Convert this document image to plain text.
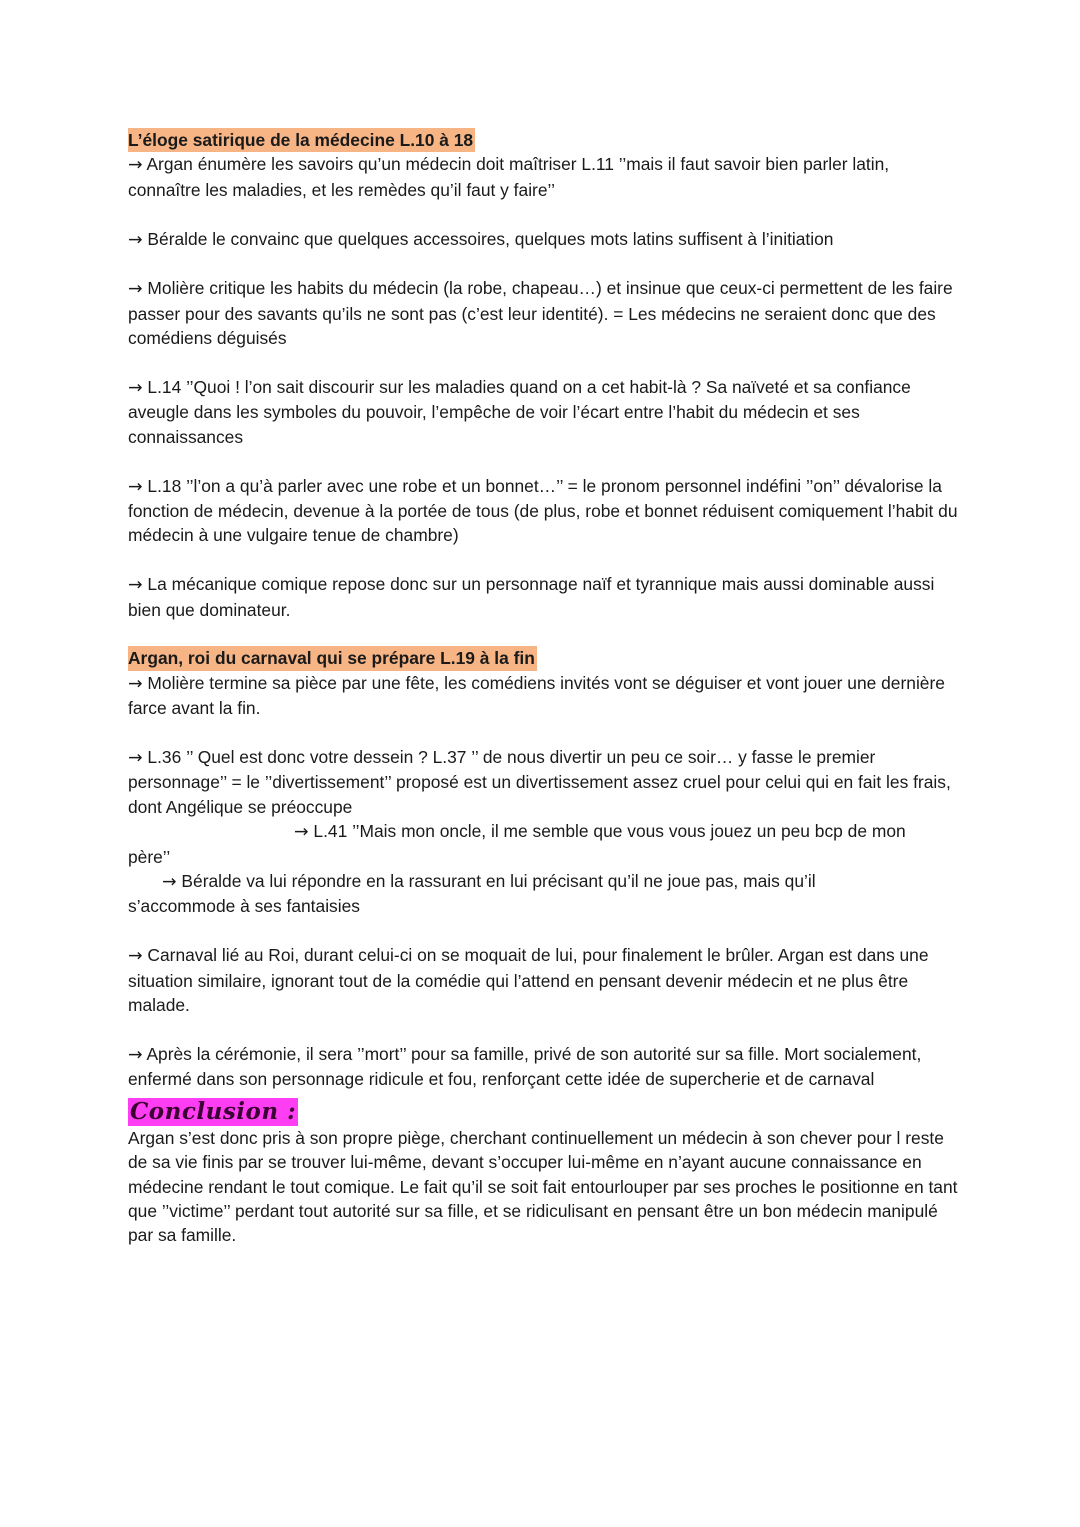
L’éloge satirique de la médecine L.10 à 18

→ Argan énumère les savoirs qu’un médecin doit maîtriser L.11 ’’mais il faut savoir bien parler latin, connaître les maladies, et les remèdes qu’il faut y faire’’

→ Béralde le convainc que quelques accessoires, quelques mots latins suffisent à l’initiation

→ Molière critique les habits du médecin (la robe, chapeau…) et insinue que ceux-ci permettent de les faire passer pour des savants qu’ils ne sont pas (c’est leur identité). = Les médecins ne seraient donc que des comédiens déguisés

→ L.14 ’’Quoi ! l’on sait discourir sur les maladies quand on a cet habit-là ? Sa naïveté et sa confiance aveugle dans les symboles du pouvoir, l’empêche de voir l’écart entre l’habit du médecin et ses connaissances

→ L.18 ’’l’on a qu’à parler avec une robe et un bonnet…’’ = le pronom personnel indéfini ’’on’’ dévalorise la fonction de médecin, devenue à la portée de tous (de plus, robe et bonnet réduisent comiquement l’habit du médecin à une vulgaire tenue de chambre)

→ La mécanique comique repose donc sur un personnage naïf et tyrannique mais aussi dominable aussi bien que dominateur.

Argan, roi du carnaval qui se prépare L.19 à la fin

→ Molière termine sa pièce par une fête, les comédiens invités vont se déguiser et vont jouer une dernière farce avant la fin.

→ L.36 ’’ Quel est donc votre dessein ? L.37 ’’ de nous divertir un peu ce soir… y fasse le premier personnage’’ = le ’’divertissement’’ proposé est un divertissement assez cruel pour celui qui en fait les frais, dont Angélique se préoccupe

→ L.41 ’’Mais mon oncle, il me semble que vous vous jouez un peu bcp de mon

père’’

→ Béralde va lui répondre en la rassurant en lui précisant qu’il ne joue pas, mais qu’il

s’accommode à ses fantaisies

→ Carnaval lié au Roi, durant celui-ci on se moquait de lui, pour finalement le brûler. Argan est dans une situation similaire, ignorant tout de la comédie qui l’attend en pensant devenir médecin et ne plus être malade.

→ Après la cérémonie, il sera ’’mort’’ pour sa famille, privé de son autorité sur sa fille. Mort socialement, enfermé dans son personnage ridicule et fou, renforçant cette idée de supercherie et de carnaval

Conclusion :

Argan s’est donc pris à son propre piège, cherchant continuellement un médecin à son chever pour l reste de sa vie finis par se trouver lui-même, devant s’occuper lui-même en n’ayant aucune connaissance en médecine rendant le tout comique. Le fait qu’il se soit fait entourlouper par ses proches le positionne en tant que ’’victime’’ perdant tout autorité sur sa fille, et se ridiculisant en pensant être un bon médecin manipulé par sa famille.
